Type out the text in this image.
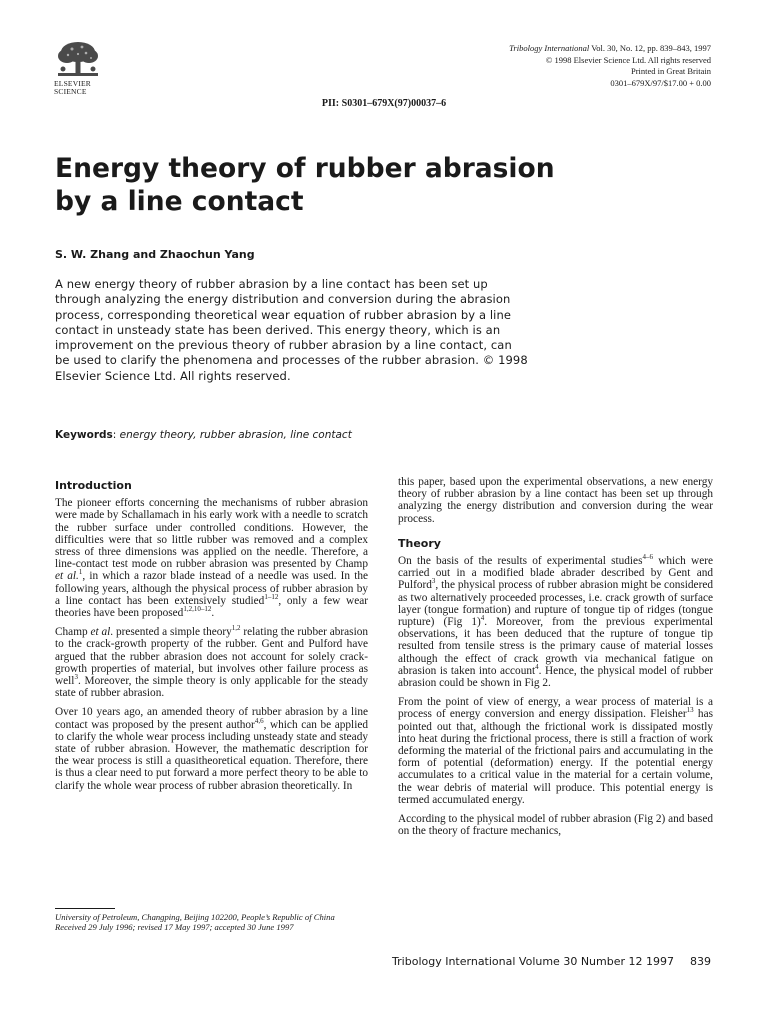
ELSEVIER
SCIENCE
Tribology International Vol. 30, No. 12, pp. 839–843, 1997
© 1998 Elsevier Science Ltd. All rights reserved
Printed in Great Britain
0301–679X/97/$17.00 + 0.00
PII: S0301–679X(97)00037–6
Energy theory of rubber abrasion
by a line contact
S. W. Zhang and Zhaochun Yang

A new energy theory of rubber abrasion by a line contact has been set up through analyzing the energy distribution and conversion during the abrasion process, corresponding theoretical wear equation of rubber abrasion by a line contact in unsteady state has been derived. This energy theory, which is an improvement on the previous theory of rubber abrasion by a line contact, can be used to clarify the phenomena and processes of the rubber abrasion. © 1998 Elsevier Science Ltd. All rights reserved.

Keywords: energy theory, rubber abrasion, line contact
Introduction

The pioneer efforts concerning the mechanisms of rubber abrasion were made by Schallamach in his early work with a needle to scratch the rubber surface under controlled conditions. However, the difficulties were that so little rubber was removed and a complex stress of three dimensions was applied on the needle. Therefore, a line-contact test mode on rubber abrasion was presented by Champ et al.$^1$, in which a razor blade instead of a needle was used. In the following years, although the physical process of rubber abrasion by a line contact has been extensively studied$^{1-12}$, only a few wear theories have been proposed$^{1,2,10-12}$.

Champ et al. presented a simple theory$^{1,2}$ relating the rubber abrasion to the crack-growth property of the rubber. Gent and Pulford have argued that the rubber abrasion does not account for solely crack-growth properties of material, but involves other failure process as well$^3$. Moreover, the simple theory is only applicable for the steady state of rubber abrasion.

Over 10 years ago, an amended theory of rubber abrasion by a line contact was proposed by the present author$^{4,6}$, which can be applied to clarify the whole wear process including unsteady state and steady state of rubber abrasion. However, the mathematic description for the wear process is still a quasitheoretical equation. Therefore, there is thus a clear need to put forward a more perfect theory to be able to clarify the whole wear process of rubber abrasion theoretically. In

this paper, based upon the experimental observations, a new energy theory of rubber abrasion by a line contact has been set up through analyzing the energy distribution and conversion during the wear process.

Theory

On the basis of the results of experimental studies$^{4-6}$ which were carried out in a modified blade abrader described by Gent and Pulford$^3$, the physical process of rubber abrasion might be considered as two alternatively proceeded processes, i.e. crack growth of surface layer (tongue formation) and rupture of tongue tip of ridges (tongue rupture) (Fig 1)$^4$. Moreover, from the previous experimental observations, it has been deduced that the rupture of tongue tip resulted from tensile stress is the primary cause of material losses although the effect of crack growth via mechanical fatigue on abrasion is taken into account$^4$. Hence, the physical model of rubber abrasion could be shown in Fig 2.

From the point of view of energy, a wear process of material is a process of energy conversion and energy dissipation. Fleisher$^{13}$ has pointed out that, although the frictional work is dissipated mostly into heat during the frictional process, there is still a fraction of work deforming the material of the frictional pairs and accumulating in the form of potential (deformation) energy. If the potential energy accumulates to a critical value in the material for a certain volume, the wear debris of material will produce. This potential energy is termed accumulated energy.

According to the physical model of rubber abrasion (Fig 2) and based on the theory of fracture mechanics,

University of Petroleum, Changping, Beijing 102200, People’s Republic of China
Received 29 July 1996; revised 17 May 1997; accepted 30 June 1997
Tribology International Volume 30 Number 12 1997 839
